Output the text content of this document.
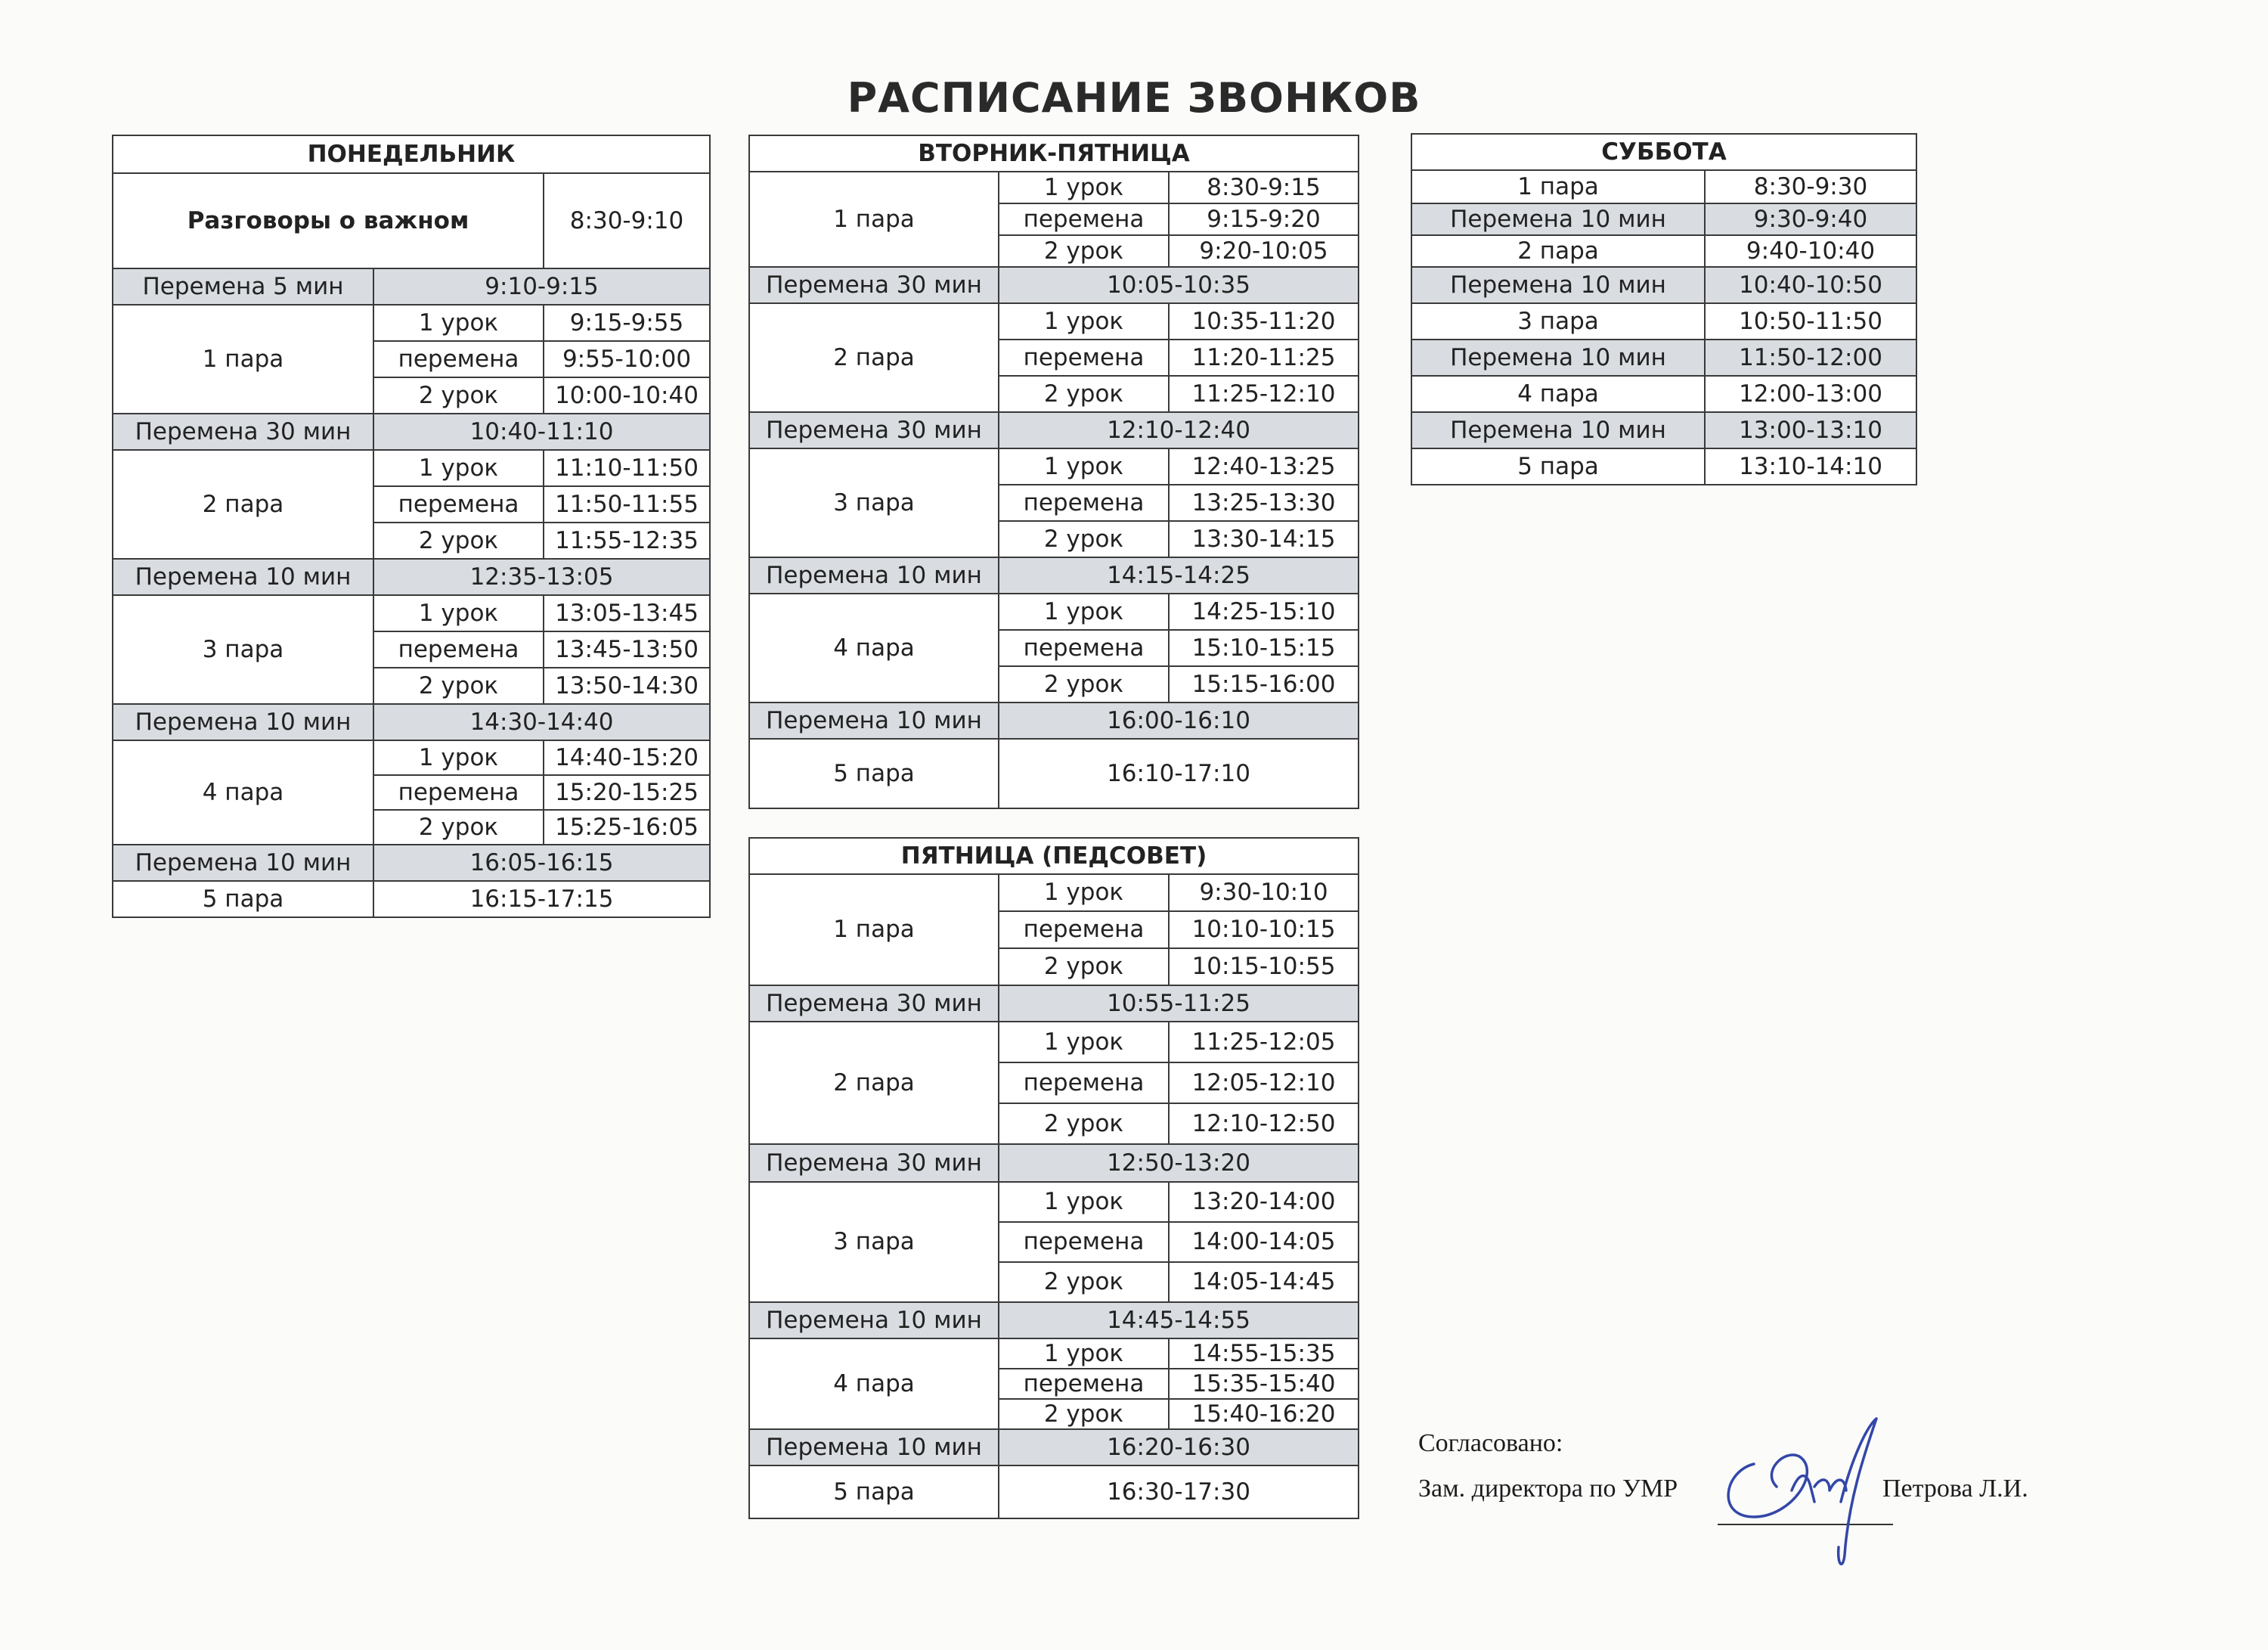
РАСПИСАНИЕ ЗВОНКОВ
ПОНЕДЕЛЬНИК		
Разговоры о важном		8:30-9:10
Перемена 5 мин	9:10-9:15	
1 пара	1 урок	9:15-9:55
	перемена	9:55-10:00
	2 урок	10:00-10:40
Перемена 30 мин	10:40-11:10	
2 пара	1 урок	11:10-11:50
	перемена	11:50-11:55
	2 урок	11:55-12:35
Перемена 10 мин	12:35-13:05	
3 пара	1 урок	13:05-13:45
	перемена	13:45-13:50
	2 урок	13:50-14:30
Перемена 10 мин	14:30-14:40	
4 пара	1 урок	14:40-15:20
	перемена	15:20-15:25
	2 урок	15:25-16:05
Перемена 10 мин	16:05-16:15	
5 пара	16:15-17:15	
ВТОРНИК-ПЯТНИЦА		
1 пара	1 урок	8:30-9:15
	перемена	9:15-9:20
	2 урок	9:20-10:05
Перемена 30 мин	10:05-10:35	
2 пара	1 урок	10:35-11:20
	перемена	11:20-11:25
	2 урок	11:25-12:10
Перемена 30 мин	12:10-12:40	
3 пара	1 урок	12:40-13:25
	перемена	13:25-13:30
	2 урок	13:30-14:15
Перемена 10 мин	14:15-14:25	
4 пара	1 урок	14:25-15:10
	перемена	15:10-15:15
	2 урок	15:15-16:00
Перемена 10 мин	16:00-16:10	
5 пара	16:10-17:10	
ПЯТНИЦА (ПЕДСОВЕТ)		
1 пара	1 урок	9:30-10:10
	перемена	10:10-10:15
	2 урок	10:15-10:55
Перемена 30 мин	10:55-11:25	
2 пара	1 урок	11:25-12:05
	перемена	12:05-12:10
	2 урок	12:10-12:50
Перемена 30 мин	12:50-13:20	
3 пара	1 урок	13:20-14:00
	перемена	14:00-14:05
	2 урок	14:05-14:45
Перемена 10 мин	14:45-14:55	
4 пара	1 урок	14:55-15:35
	перемена	15:35-15:40
	2 урок	15:40-16:20
Перемена 10 мин	16:20-16:30	
5 пара	16:30-17:30	
СУББОТА	
1 пара	8:30-9:30
Перемена 10 мин	9:30-9:40
2 пара	9:40-10:40
Перемена 10 мин	10:40-10:50
3 пара	10:50-11:50
Перемена 10 мин	11:50-12:00
4 пара	12:00-13:00
Перемена 10 мин	13:00-13:10
5 пара	13:10-14:10
Согласовано:
Зам. директора по УМР	Петрова Л.И.
